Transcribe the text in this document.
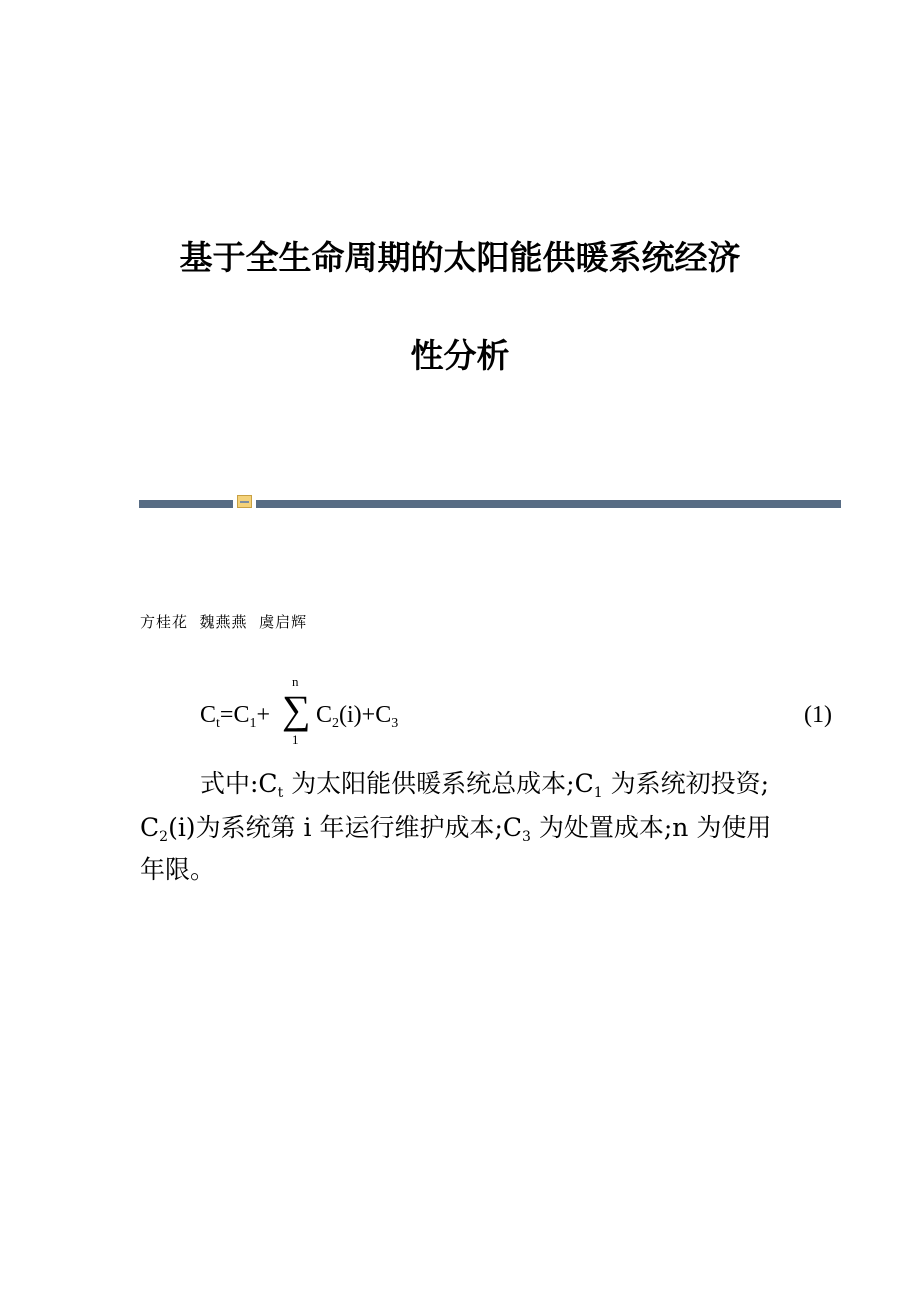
基于全生命周期的太阳能供暖系统经济
性分析
方桂花  魏燕燕  虞启辉
$C_t=C_1+$
n
∑
1
$C_2(i)+C_3$	(1)
式中$:C_t$ 为太阳能供暖系统总成本$;C_1$ 为系统初投资;
$C_2(i)$为系统第 i 年运行维护成本$;C_3$ 为处置成本;n 为使用
年限。
